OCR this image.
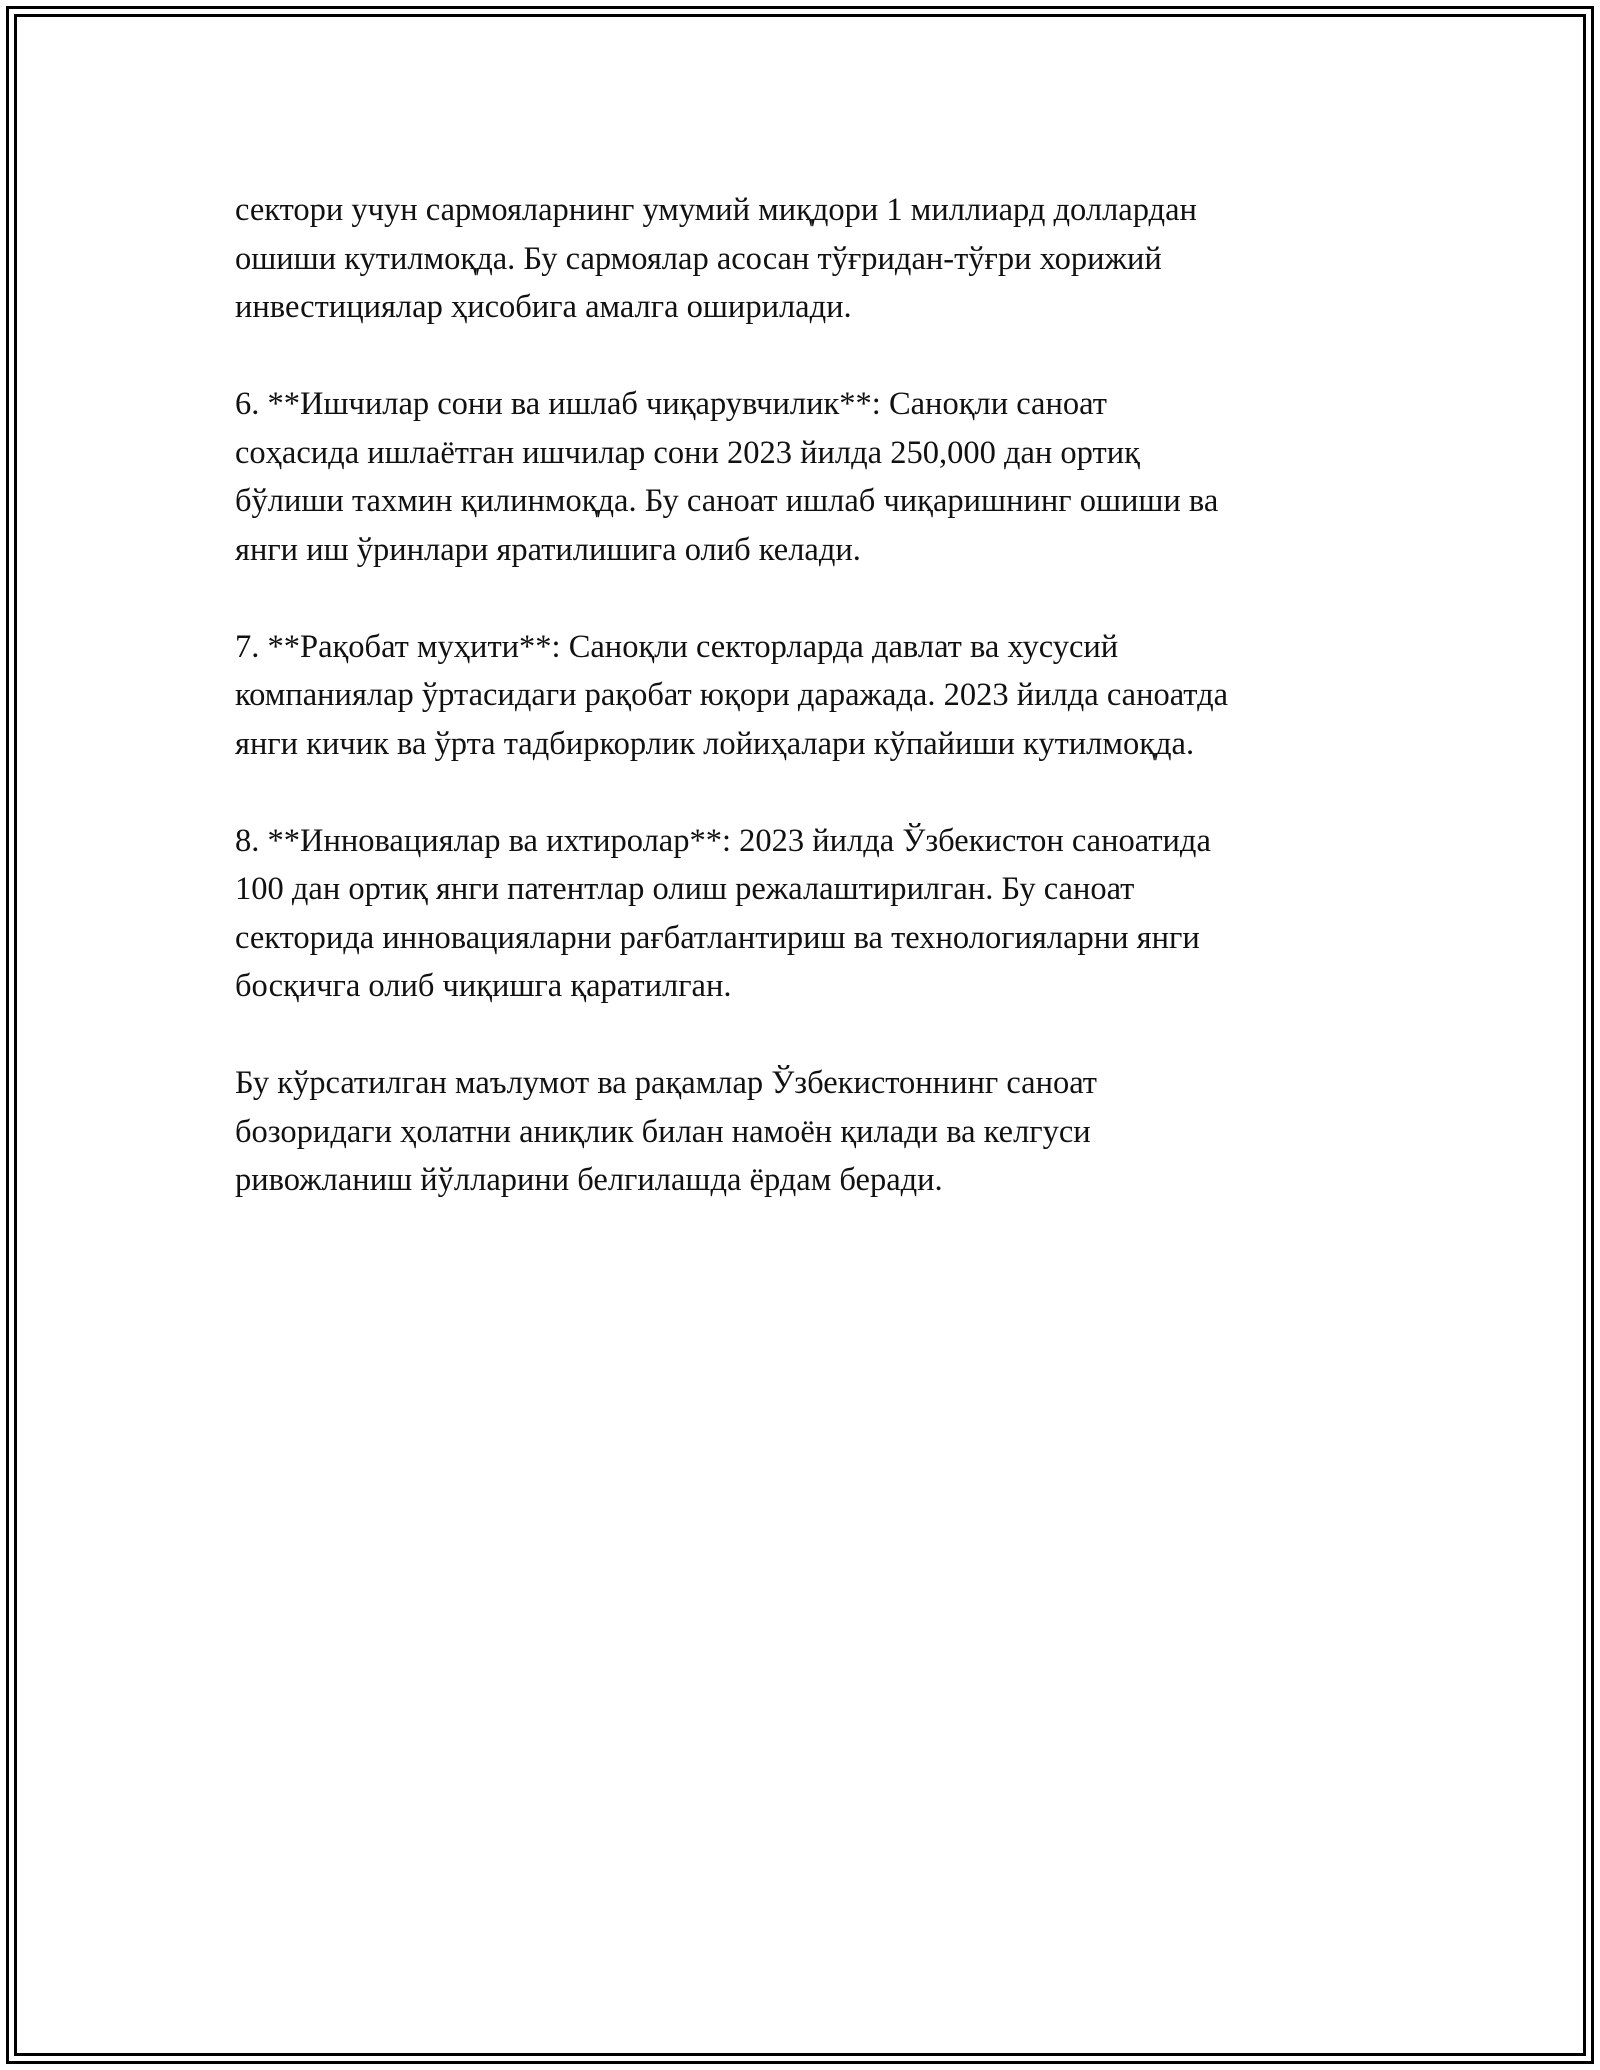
сектори учун сармояларнинг умумий миқдори 1 миллиард доллардан
ошиши кутилмоқда. Бу сармоялар асосан тўғридан-тўғри хорижий
инвестициялар ҳисобига амалга оширилади.

6. **Ишчилар сони ва ишлаб чиқарувчилик**: Саноқли саноат
соҳасида ишлаётган ишчилар сони 2023 йилда 250,000 дан ортиқ
бўлиши тахмин қилинмоқда. Бу саноат ишлаб чиқаришнинг ошиши ва
янги иш ўринлари яратилишига олиб келади.

7. **Рақобат муҳити**: Саноқли секторларда давлат ва хусусий
компаниялар ўртасидаги рақобат юқори даражада. 2023 йилда саноатда
янги кичик ва ўрта тадбиркорлик лойиҳалари кўпайиши кутилмоқда.

8. **Инновациялар ва ихтиролар**: 2023 йилда Ўзбекистон саноатида
100 дан ортиқ янги патентлар олиш режалаштирилган. Бу саноат
секторида инновацияларни рағбатлантириш ва технологияларни янги
босқичга олиб чиқишга қаратилган.

Бу кўрсатилган маълумот ва рақамлар Ўзбекистоннинг саноат
бозоридаги ҳолатни аниқлик билан намоён қилади ва келгуси
ривожланиш йўлларини белгилашда ёрдам беради.
